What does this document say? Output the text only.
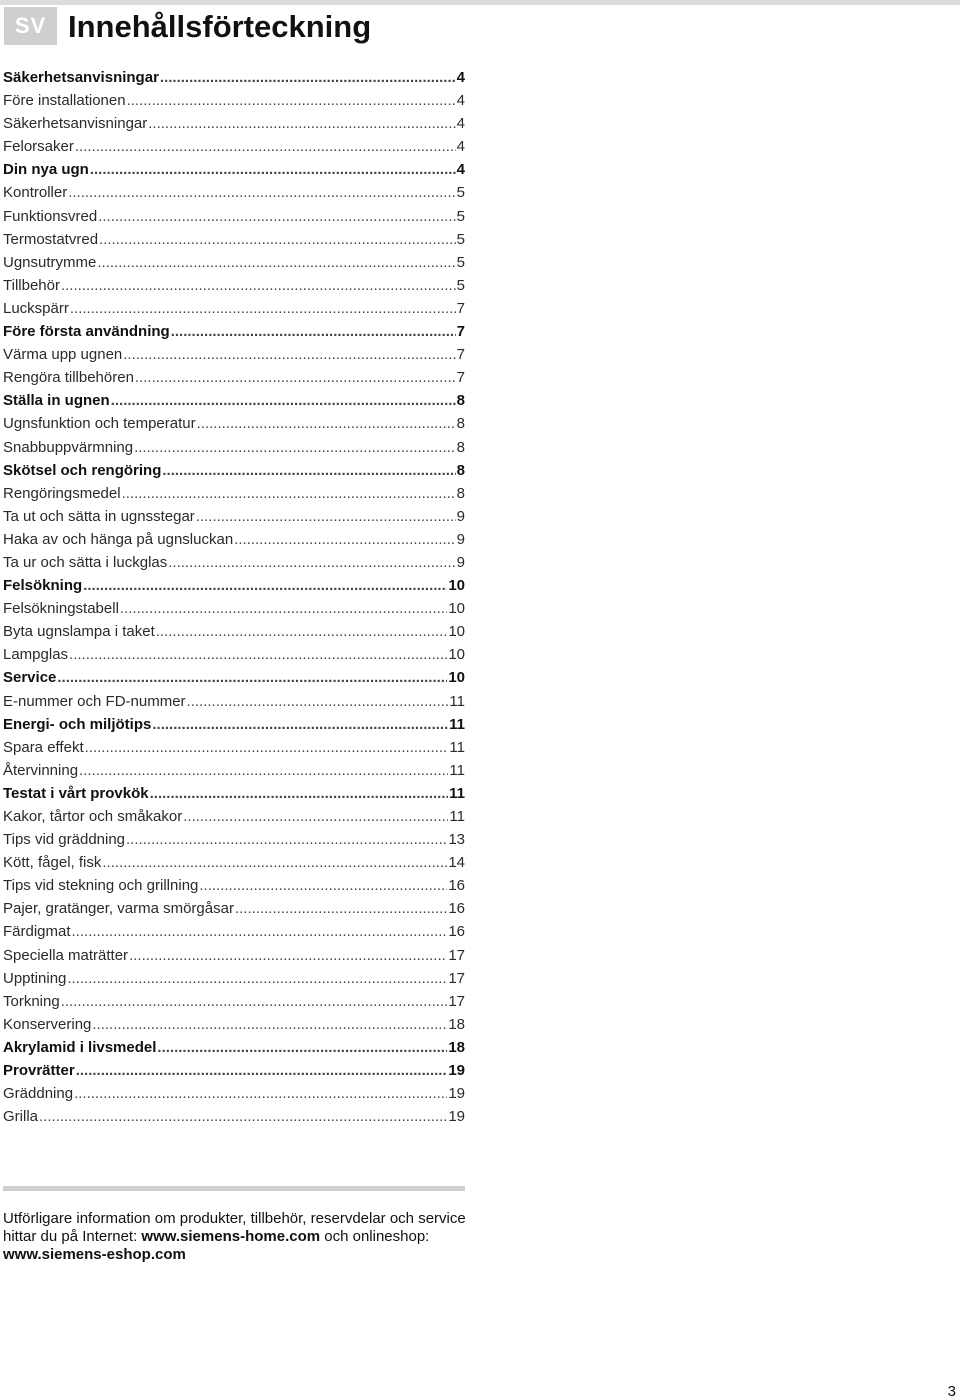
SV Innehållsförteckning
Säkerhetsanvisningar .....	4
Före installationen .....	4
Säkerhetsanvisningar .....	4
Felorsaker .....	4
Din nya ugn .....	4
Kontroller .....	5
Funktionsvred .....	5
Termostatvred .....	5
Ugnsutrymme .....	5
Tillbehör .....	5
Luckspärr .....	7
Före första användning .....	7
Värma upp ugnen .....	7
Rengöra tillbehören .....	7
Ställa in ugnen .....	8
Ugnsfunktion och temperatur .....	8
Snabbuppvärmning .....	8
Skötsel och rengöring .....	8
Rengöringsmedel .....	8
Ta ut och sätta in ugnsstegar .....	9
Haka av och hänga på ugnsluckan .....	9
Ta ur och sätta i luckglas .....	9
Felsökning .....	10
Felsökningstabell .....	10
Byta ugnslampa i taket .....	10
Lampglas .....	10
Service .....	10
E-nummer och FD-nummer .....	11
Energi- och miljötips .....	11
Spara effekt .....	11
Återvinning .....	11
Testat i vårt provkök .....	11
Kakor, tårtor och småkakor .....	11
Tips vid gräddning .....	13
Kött, fågel, fisk .....	14
Tips vid stekning och grillning .....	16
Pajer, gratänger, varma smörgåsar .....	16
Färdigmat .....	16
Speciella maträtter .....	17
Upptining .....	17
Torkning .....	17
Konservering .....	18
Akrylamid i livsmedel .....	18
Provrätter .....	19
Gräddning .....	19
Grilla .....	19

Utförligare information om produkter, tillbehör, reservdelar och service hittar du på Internet: www.siemens-home.com och onlineshop: www.siemens-eshop.com

3
